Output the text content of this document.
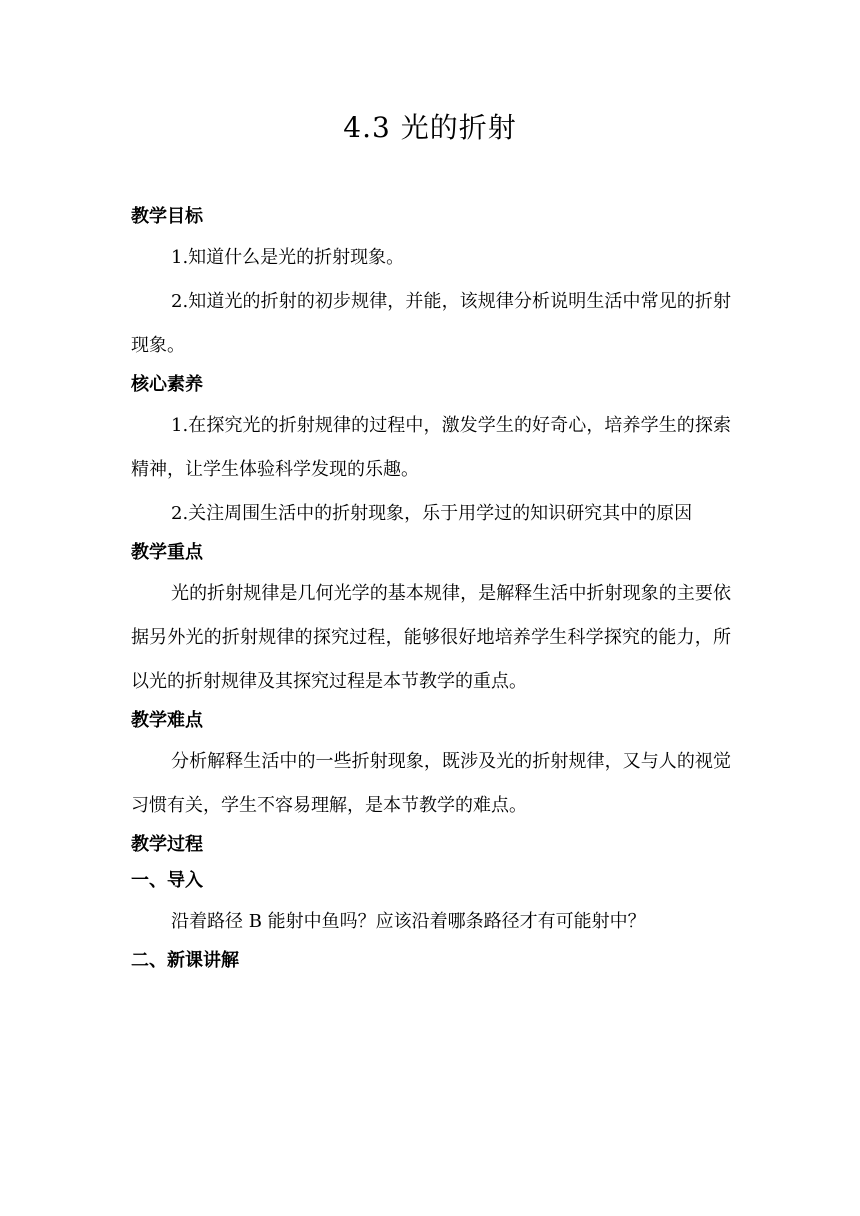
4.3 光的折射

教学目标

1.知道什么是光的折射现象。

2.知道光的折射的初步规律，并能，该规律分析说明生活中常见的折射现象。

核心素养

1.在探究光的折射规律的过程中，激发学生的好奇心，培养学生的探索精神，让学生体验科学发现的乐趣。

2.关注周围生活中的折射现象，乐于用学过的知识研究其中的原因

教学重点

光的折射规律是几何光学的基本规律，是解释生活中折射现象的主要依据另外光的折射规律的探究过程，能够很好地培养学生科学探究的能力，所以光的折射规律及其探究过程是本节教学的重点。

教学难点

分析解释生活中的一些折射现象，既涉及光的折射规律，又与人的视觉习惯有关，学生不容易理解，是本节教学的难点。

教学过程

一、导入

沿着路径 B 能射中鱼吗？应该沿着哪条路径才有可能射中？

二、新课讲解
